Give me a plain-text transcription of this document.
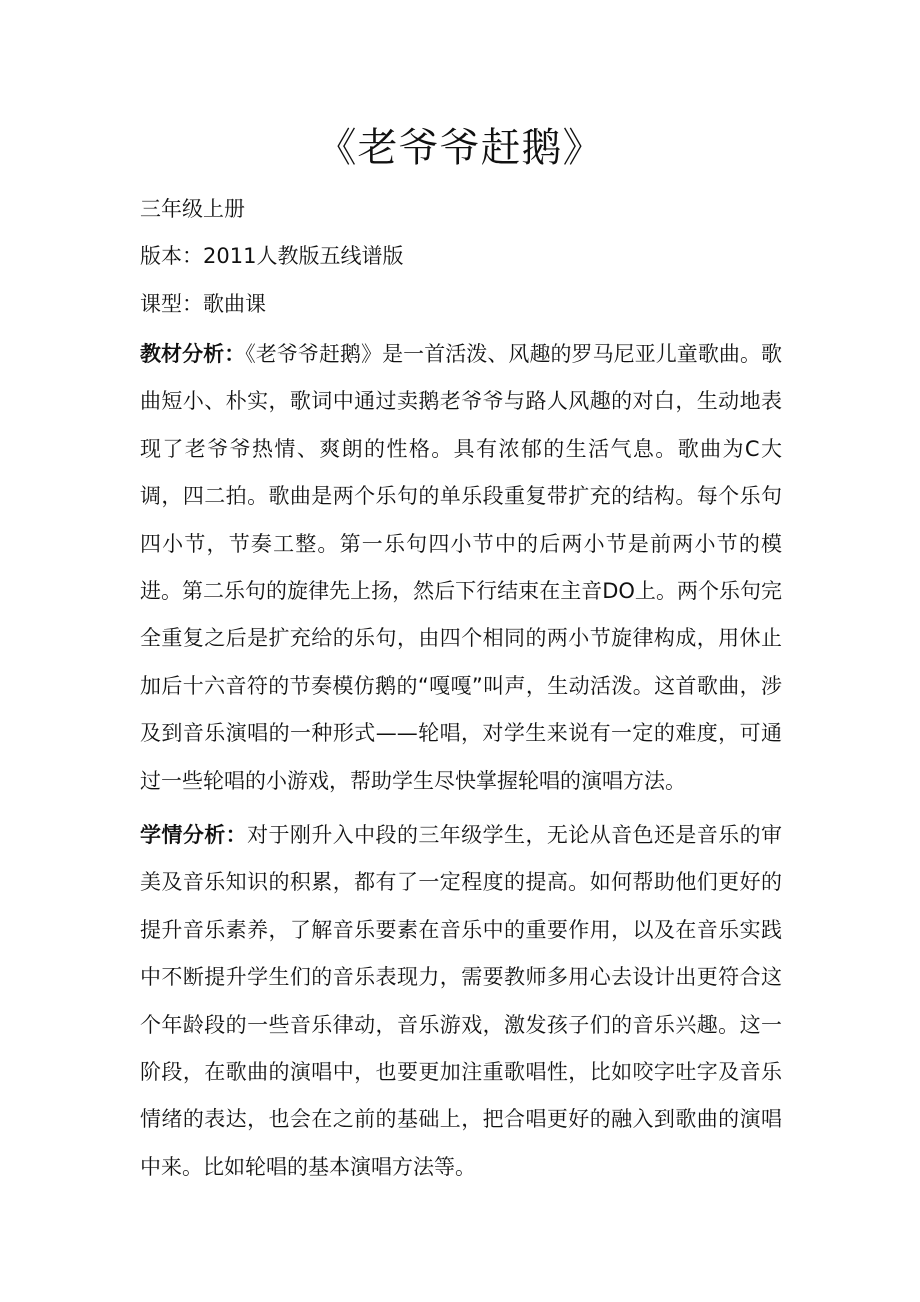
《老爷爷赶鹅》
三年级上册
版本：2011人教版五线谱版
课型：歌曲课

教材分析：《老爷爷赶鹅》是一首活泼、风趣的罗马尼亚儿童歌曲。歌曲短小、朴实，歌词中通过卖鹅老爷爷与路人风趣的对白，生动地表现了老爷爷热情、爽朗的性格。具有浓郁的生活气息。歌曲为C大调，四二拍。歌曲是两个乐句的单乐段重复带扩充的结构。每个乐句四小节，节奏工整。第一乐句四小节中的后两小节是前两小节的模进。第二乐句的旋律先上扬，然后下行结束在主音DO上。两个乐句完全重复之后是扩充给的乐句，由四个相同的两小节旋律构成，用休止加后十六音符的节奏模仿鹅的“嘎嘎”叫声，生动活泼。这首歌曲，涉及到音乐演唱的一种形式——轮唱，对学生来说有一定的难度，可通过一些轮唱的小游戏，帮助学生尽快掌握轮唱的演唱方法。

学情分析：对于刚升入中段的三年级学生，无论从音色还是音乐的审美及音乐知识的积累，都有了一定程度的提高。如何帮助他们更好的提升音乐素养，了解音乐要素在音乐中的重要作用，以及在音乐实践中不断提升学生们的音乐表现力，需要教师多用心去设计出更符合这个年龄段的一些音乐律动，音乐游戏，激发孩子们的音乐兴趣。这一阶段，在歌曲的演唱中，也要更加注重歌唱性，比如咬字吐字及音乐情绪的表达，也会在之前的基础上，把合唱更好的融入到歌曲的演唱中来。比如轮唱的基本演唱方法等。
